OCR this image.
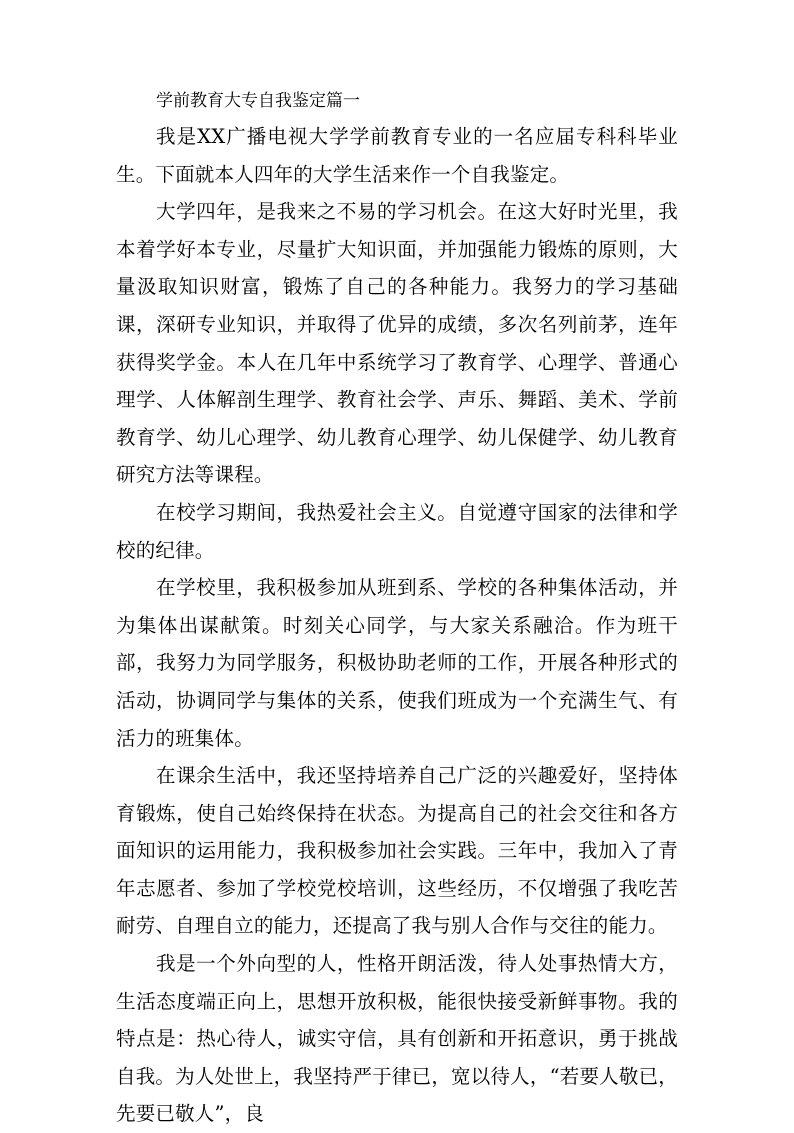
学前教育大专自我鉴定篇一

我是XX广播电视大学学前教育专业的一名应届专科科毕业生。下面就本人四年的大学生活来作一个自我鉴定。

大学四年，是我来之不易的学习机会。在这大好时光里，我本着学好本专业，尽量扩大知识面，并加强能力锻炼的原则，大量汲取知识财富，锻炼了自己的各种能力。我努力的学习基础课，深研专业知识，并取得了优异的成绩，多次名列前茅，连年获得奖学金。本人在几年中系统学习了教育学、心理学、普通心理学、人体解剖生理学、教育社会学、声乐、舞蹈、美术、学前教育学、幼儿心理学、幼儿教育心理学、幼儿保健学、幼儿教育研究方法等课程。

在校学习期间，我热爱社会主义。自觉遵守国家的法律和学校的纪律。

在学校里，我积极参加从班到系、学校的各种集体活动，并为集体出谋献策。时刻关心同学，与大家关系融洽。作为班干部，我努力为同学服务，积极协助老师的工作，开展各种形式的活动，协调同学与集体的关系，使我们班成为一个充满生气、有活力的班集体。

在课余生活中，我还坚持培养自己广泛的兴趣爱好，坚持体育锻炼，使自己始终保持在状态。为提高自己的社会交往和各方面知识的运用能力，我积极参加社会实践。三年中，我加入了青年志愿者、参加了学校党校培训，这些经历，不仅增强了我吃苦耐劳、自理自立的能力，还提高了我与别人合作与交往的能力。

我是一个外向型的人，性格开朗活泼，待人处事热情大方，生活态度端正向上，思想开放积极，能很快接受新鲜事物。我的特点是：热心待人，诚实守信，具有创新和开拓意识，勇于挑战自我。为人处世上，我坚持严于律已，宽以待人，“若要人敬已，先要已敬人”，良
